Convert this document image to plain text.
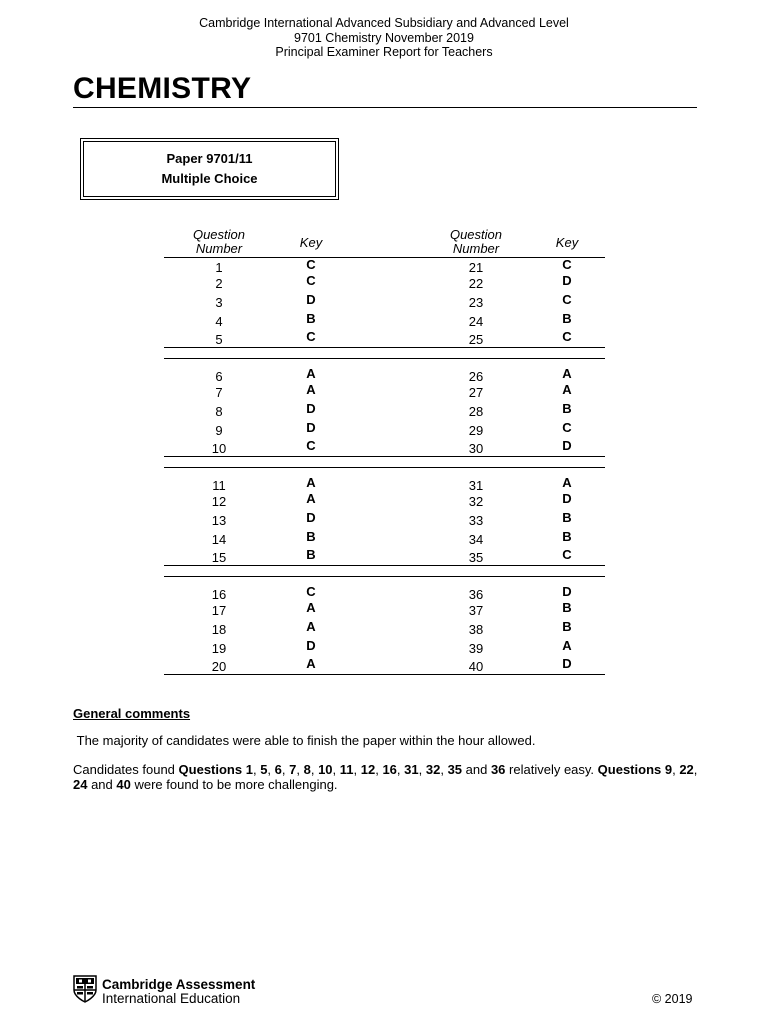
Cambridge International Advanced Subsidiary and Advanced Level
9701 Chemistry November 2019
Principal Examiner Report for Teachers
CHEMISTRY
Paper 9701/11
Multiple Choice
Question
Number	Key
Question
Number	Key
1	C	21	C
2	C	22	D
3	D	23	C
4	B	24	B
5	C	25	C
6	A	26	A
7	A	27	A
8	D	28	B
9	D	29	C
10	C	30	D
11	A	31	A
12	A	32	D
13	D	33	B
14	B	34	B
15	B	35	C
16	C	36	D
17	A	37	B
18	A	38	B
19	D	39	A
20	A	40	D
General comments
The majority of candidates were able to finish the paper within the hour allowed.
Candidates found Questions 1, 5, 6, 7, 8, 10, 11, 12, 16, 31, 32, 35 and 36 relatively easy. Questions 9, 22, 24 and 40 were found to be more challenging.
Cambridge Assessment
International Education	© 2019
